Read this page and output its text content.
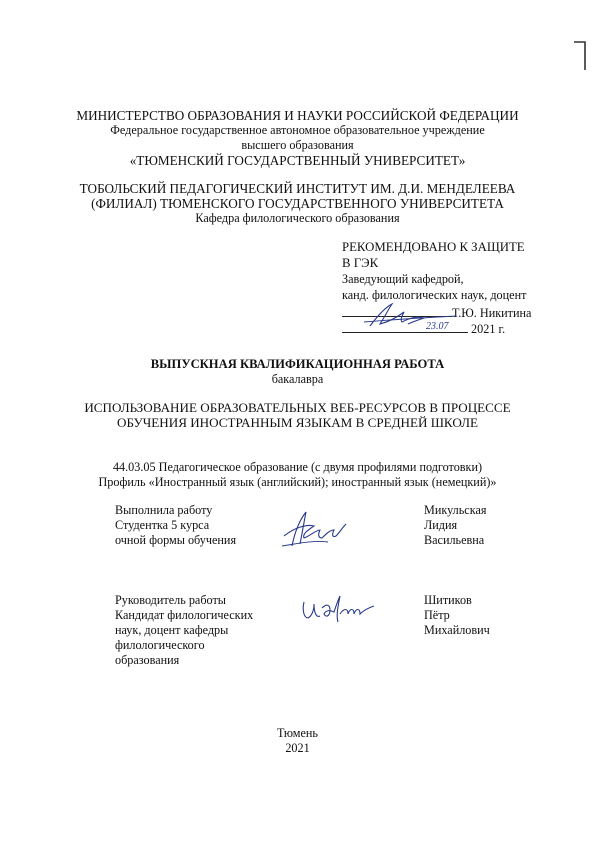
МИНИСТЕРСТВО ОБРАЗОВАНИЯ И НАУКИ РОССИЙСКОЙ ФЕДЕРАЦИИ
Федеральное государственное автономное образовательное учреждение
высшего образования
«ТЮМЕНСКИЙ ГОСУДАРСТВЕННЫЙ УНИВЕРСИТЕТ»
ТОБОЛЬСКИЙ ПЕДАГОГИЧЕСКИЙ ИНСТИТУТ ИМ. Д.И. МЕНДЕЛЕЕВА
(ФИЛИАЛ) ТЮМЕНСКОГО ГОСУДАРСТВЕННОГО УНИВЕРСИТЕТА
Кафедра филологического образования
РЕКОМЕНДОВАНО К ЗАЩИТЕ
В ГЭК
Заведующий кафедрой,
канд. филологических наук, доцент
Т.Ю. Никитина
2021 г.
23.07
ВЫПУСКНАЯ КВАЛИФИКАЦИОННАЯ РАБОТА
бакалавра
ИСПОЛЬЗОВАНИЕ ОБРАЗОВАТЕЛЬНЫХ ВЕБ-РЕСУРСОВ В ПРОЦЕССЕ
ОБУЧЕНИЯ ИНОСТРАННЫМ ЯЗЫКАМ В СРЕДНЕЙ ШКОЛЕ
44.03.05 Педагогическое образование (с двумя профилями подготовки)
Профиль «Иностранный язык (английский); иностранный язык (немецкий)»
Выполнила работу
Студентка 5 курса
очной формы обучения
Микульская
Лидия
Васильевна
Руководитель работы
Кандидат филологических
наук, доцент кафедры
филологического
образования
Шитиков
Пётр
Михайлович
Тюмень
2021
